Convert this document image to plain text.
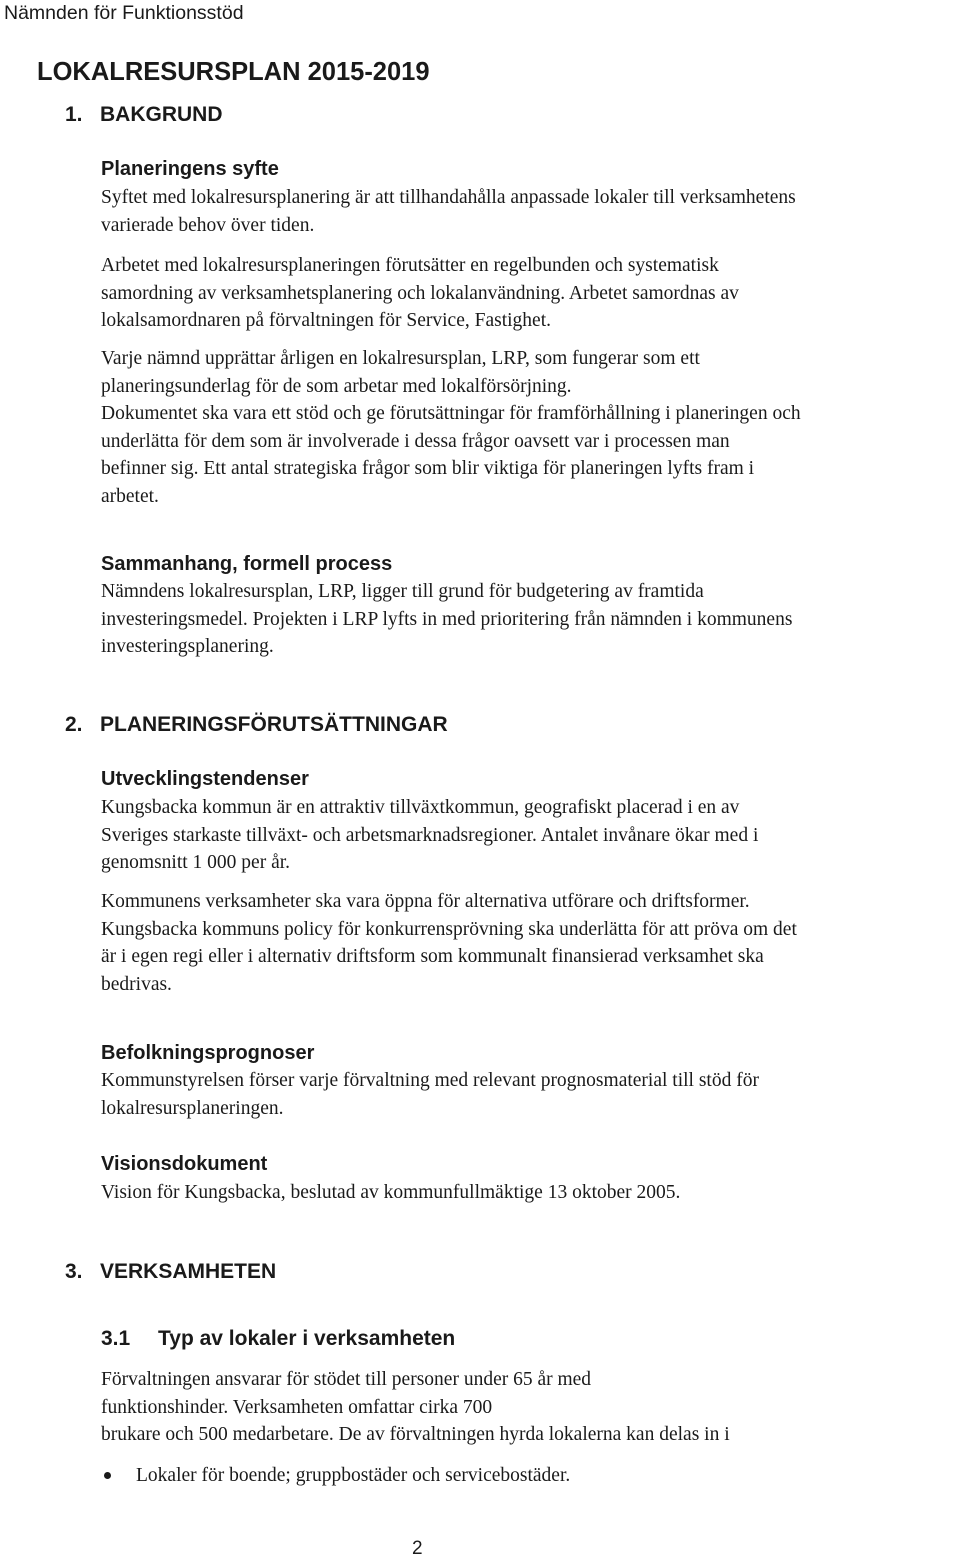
Nämnden för Funktionsstöd
LOKALRESURSPLAN 2015-2019
1. BAKGRUND
Planeringens syfte
Syftet med lokalresursplanering är att tillhandahålla anpassade lokaler till verksamhetens
varierade behov över tiden.
Arbetet med lokalresursplaneringen förutsätter en regelbunden och systematisk
samordning av verksamhetsplanering och lokalanvändning. Arbetet samordnas av
lokalsamordnaren på förvaltningen för Service, Fastighet.
Varje nämnd upprättar årligen en lokalresursplan, LRP, som fungerar som ett
planeringsunderlag för de som arbetar med lokalförsörjning.
Dokumentet ska vara ett stöd och ge förutsättningar för framförhållning i planeringen och
underlätta för dem som är involverade i dessa frågor oavsett var i processen man
befinner sig. Ett antal strategiska frågor som blir viktiga för planeringen lyfts fram i
arbetet.
Sammanhang, formell process
Nämndens lokalresursplan, LRP, ligger till grund för budgetering av framtida
investeringsmedel. Projekten i LRP lyfts in med prioritering från nämnden i kommunens
investeringsplanering.
2. PLANERINGSFÖRUTSÄTTNINGAR
Utvecklingstendenser
Kungsbacka kommun är en attraktiv tillväxtkommun, geografiskt placerad i en av
Sveriges starkaste tillväxt- och arbetsmarknadsregioner. Antalet invånare ökar med i
genomsnitt 1 000 per år.
Kommunens verksamheter ska vara öppna för alternativa utförare och driftsformer.
Kungsbacka kommuns policy för konkurrensprövning ska underlätta för att pröva om det
är i egen regi eller i alternativ driftsform som kommunalt finansierad verksamhet ska
bedrivas.
Befolkningsprognoser
Kommunstyrelsen förser varje förvaltning med relevant prognosmaterial till stöd för
lokalresursplaneringen.
Visionsdokument
Vision för Kungsbacka, beslutad av kommunfullmäktige 13 oktober 2005.
3. VERKSAMHETEN
3.1 Typ av lokaler i verksamheten
Förvaltningen ansvarar för stödet till personer under 65 år med
funktionshinder. Verksamheten omfattar cirka 700
brukare och 500 medarbetare. De av förvaltningen hyrda lokalerna kan delas in i
Lokaler för boende; gruppbostäder och servicebostäder.
2
